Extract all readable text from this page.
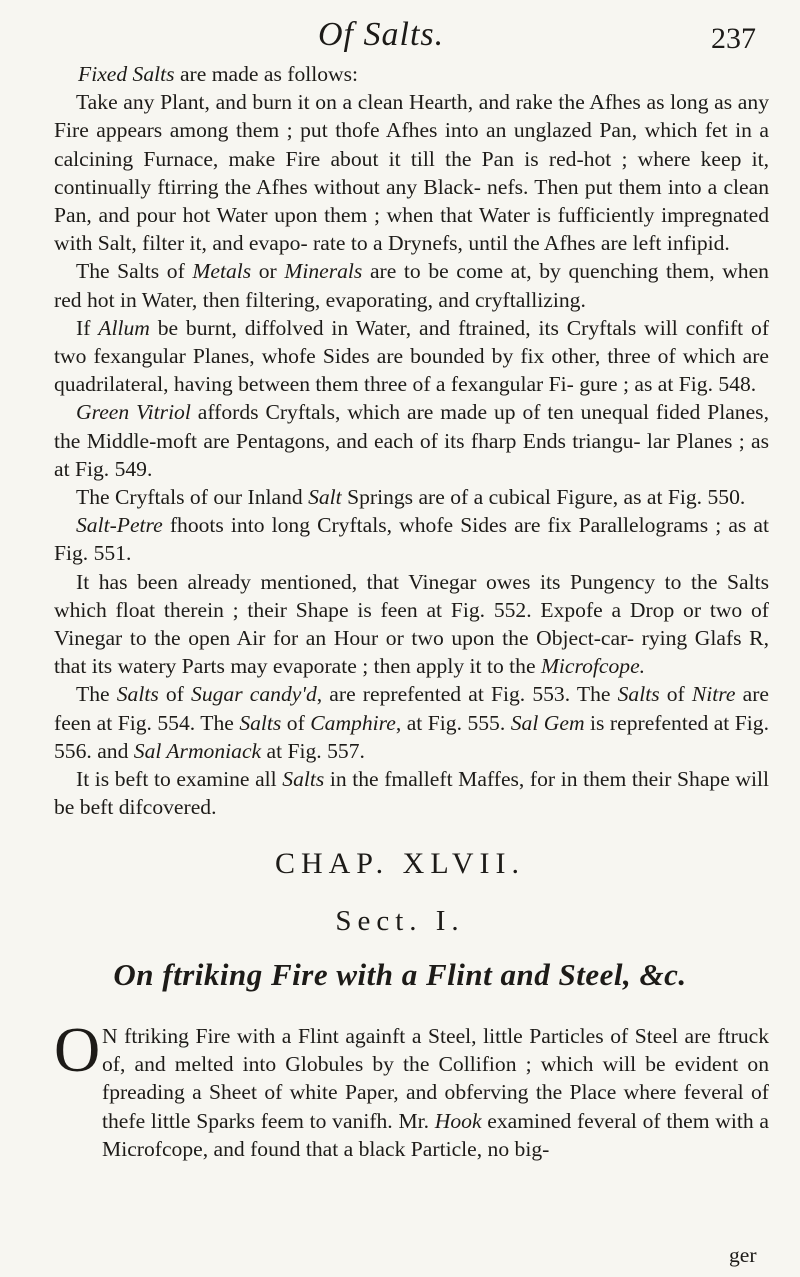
Of Salts.	237
Fixed Salts are made as follows:
Take any Plant, and burn it on a clean Hearth, and rake the Afhes as long as any Fire appears among them ; put thofe Afhes into an unglazed Pan, which fet in a calcining Furnace, make Fire about it till the Pan is red-hot ; where keep it, continually ftirring the Afhes without any Black- nefs. Then put them into a clean Pan, and pour hot Water upon them ; when that Water is fufficiently impregnated with Salt, filter it, and evapo- rate to a Drynefs, until the Afhes are left infipid.
The Salts of Metals or Minerals are to be come at, by quenching them, when red hot in Water, then filtering, evaporating, and cryftallizing.
If Allum be burnt, diffolved in Water, and ftrained, its Cryftals will confift of two fexangular Planes, whofe Sides are bounded by fix other, three of which are quadrilateral, having between them three of a fexangular Fi- gure ; as at Fig. 548.
Green Vitriol affords Cryftals, which are made up of ten unequal fided Planes, the Middle-moft are Pentagons, and each of its fharp Ends triangu- lar Planes ; as at Fig. 549.
The Cryftals of our Inland Salt Springs are of a cubical Figure, as at Fig. 550.
Salt-Petre fhoots into long Cryftals, whofe Sides are fix Parallelograms ; as at Fig. 551.
It has been already mentioned, that Vinegar owes its Pungency to the Salts which float therein ; their Shape is feen at Fig. 552. Expofe a Drop or two of Vinegar to the open Air for an Hour or two upon the Object-car- rying Glafs R, that its watery Parts may evaporate ; then apply it to the Microfcope.
The Salts of Sugar candy'd, are reprefented at Fig. 553. The Salts of Nitre are feen at Fig. 554. The Salts of Camphire, at Fig. 555. Sal Gem is reprefented at Fig. 556. and Sal Armoniack at Fig. 557.
It is beft to examine all Salts in the fmalleft Maffes, for in them their Shape will be beft difcovered.
CHAP. XLVII.
Sect. I.
On ftriking Fire with a Flint and Steel, &c.
O N ftriking Fire with a Flint againft a Steel, little Particles of Steel are ftruck of, and melted into Globules by the Collifion ; which will be evident on fpreading a Sheet of white Paper, and obferving the Place where feveral of thefe little Sparks feem to vanifh. Mr. Hook examined feveral of them with a Microfcope, and found that a black Particle, no big-
ger
